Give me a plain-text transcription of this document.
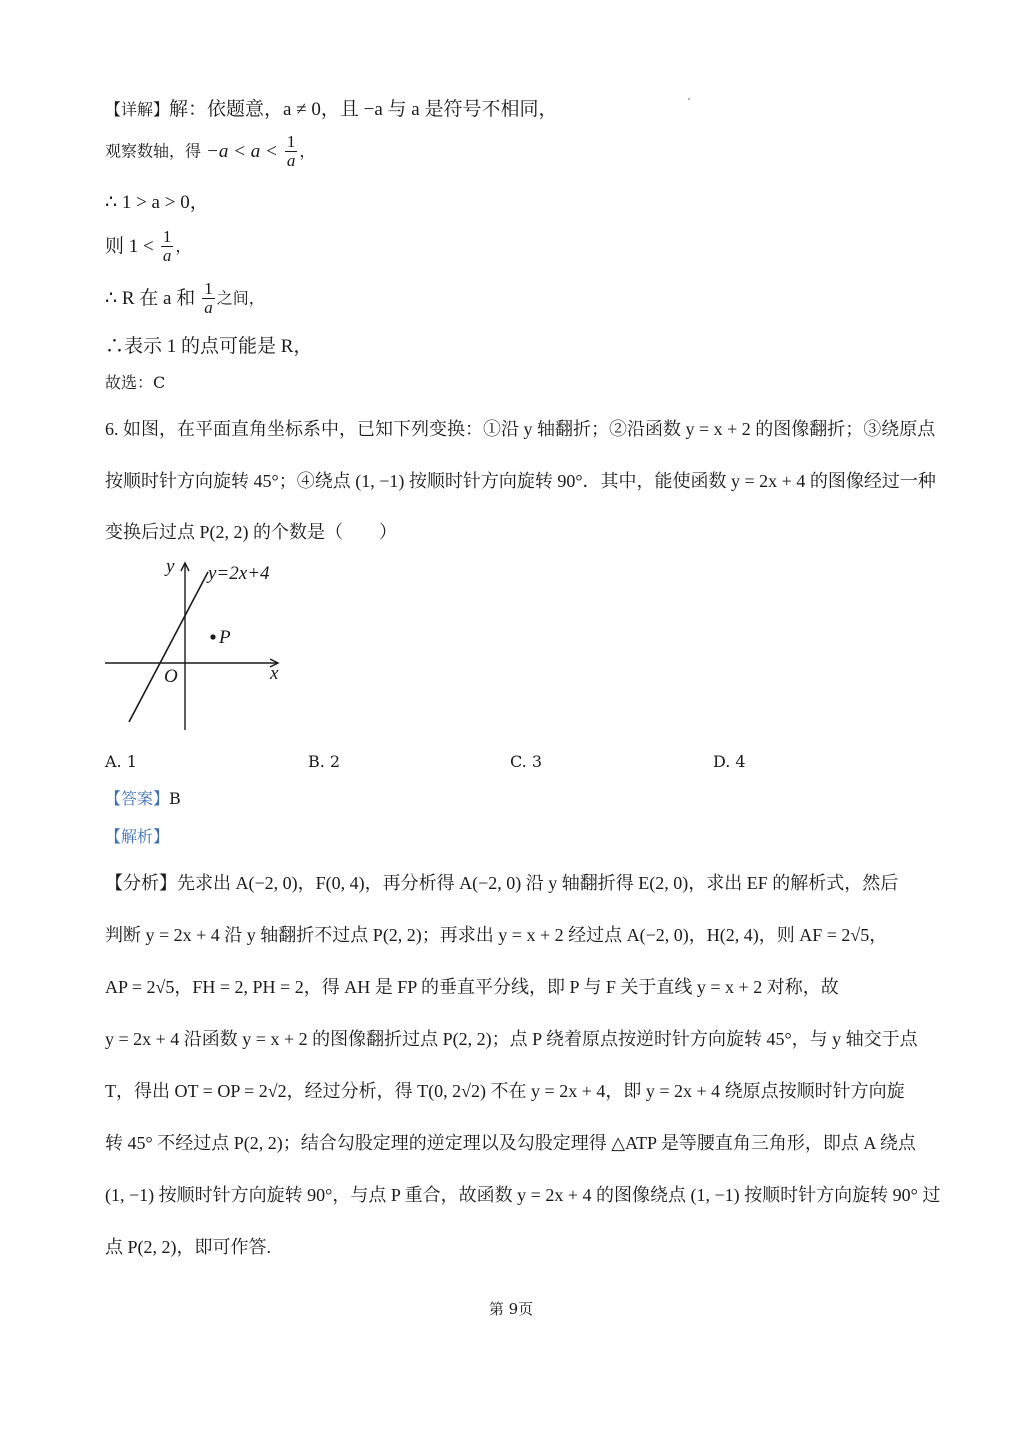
【详解】解：依题意，a ≠ 0，且 −a 与 a 是符号不相同，
观察数轴，得 $-a < a < \frac{1}{a}$ ，
∴ 1 > a > 0，
则 $1 < \frac{1}{a}$ ，
∴ R 在 a 和 $\frac{1}{a}$ 之间，
∴表示 1 的点可能是 R，
故选：C
6. 如图，在平面直角坐标系中，已知下列变换：①沿 y 轴翻折；②沿函数 y = x + 2 的图像翻折；③绕原点
按顺时针方向旋转 45°；④绕点 (1, −1) 按顺时针方向旋转 90°．其中，能使函数 y = 2x + 4 的图像经过一种
变换后过点 P(2, 2) 的个数是（　　）
y
x
O
y=2x+4
P
A. 1	B. 2	C. 3	D. 4
【答案】B
【解析】
【分析】先求出 A(−2, 0)，F(0, 4)，再分析得 A(−2, 0) 沿 y 轴翻折得 E(2, 0)，求出 EF 的解析式，然后
判断 y = 2x + 4 沿 y 轴翻折不过点 P(2, 2)；再求出 y = x + 2 经过点 A(−2, 0)，H(2, 4)，则 AF = 2√5，
AP = 2√5，FH = 2, PH = 2，得 AH 是 FP 的垂直平分线，即 P 与 F 关于直线 y = x + 2 对称，故
y = 2x + 4 沿函数 y = x + 2 的图像翻折过点 P(2, 2)；点 P 绕着原点按逆时针方向旋转 45°，与 y 轴交于点
T，得出 OT = OP = 2√2，经过分析，得 T(0, 2√2) 不在 y = 2x + 4，即 y = 2x + 4 绕原点按顺时针方向旋
转 45° 不经过点 P(2, 2)；结合勾股定理的逆定理以及勾股定理得 △ATP 是等腰直角三角形，即点 A 绕点
(1, −1) 按顺时针方向旋转 90°，与点 P 重合，故函数 y = 2x + 4 的图像绕点 (1, −1) 按顺时针方向旋转 90° 过
点 P(2, 2)，即可作答.
第 9页
